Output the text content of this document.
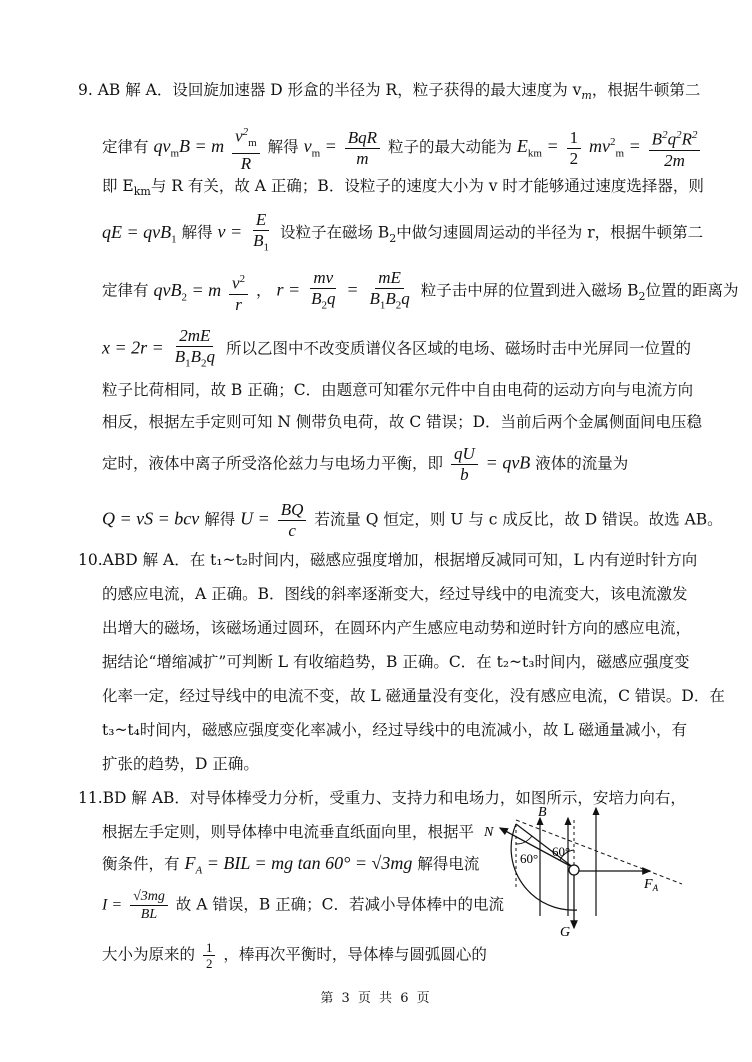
9. AB 解 A．设回旋加速器 D 形盒的半径为 R，粒子获得的最大速度为 $v_m$，根据牛顿第二
定律有 $qv_mB = m \frac{v^2_m}{R}$ 解得 $v_m = \frac{\text{BqR}}{m}$ 粒子的最大动能为 $E_{km} = \frac{1}{2} mv^2_m = \frac{B^2q^2R^2}{2m}$
即 $E_{km}$与 R 有关，故 A 正确；B．设粒子的速度大小为 v 时才能够通过速度选择器，则
qE = qvB$_1$ 解得 $v = \frac{E}{B_1}$ 设粒子在磁场 $B_2$中做匀速圆周运动的半径为 r，根据牛顿第二
定律有 qvB$_2$ = m $\frac{v^2}{r}$ ， $r = \frac{mv}{B_2q} = \frac{mE}{B_1B_2q}$ 粒子击中屏的位置到进入磁场 $B_2$位置的距离为
$x = 2r = \frac{2mE}{B_1B_2q}$ 所以乙图中不改变质谱仪各区域的电场、磁场时击中光屏同一位置的
粒子比荷相同，故 B 正确；C．由题意可知霍尔元件中自由电荷的运动方向与电流方向
相反，根据左手定则可知 N 侧带负电荷，故 C 错误；D．当前后两个金属侧面间电压稳
定时，液体中离子所受洛伦兹力与电场力平衡，即 $\frac{qU}{b}$ = qvB 液体的流量为
Q = vS = bcv 解得 $U = \frac{BQ}{c}$ 若流量 Q 恒定，则 U 与 c 成反比，故 D 错误。故选 AB。
10.ABD 解 A．在 t₁~t₂时间内，磁感应强度增加，根据增反减同可知，L 内有逆时针方向
的感应电流，A 正确。B．图线的斜率逐渐变大，经过导线中的电流变大，该电流激发
出增大的磁场，该磁场通过圆环，在圆环内产生感应电动势和逆时针方向的感应电流，
据结论“增缩减扩”可判断 L 有收缩趋势，B 正确。C．在 t₂~t₃时间内，磁感应强度变
化率一定，经过导线中的电流不变，故 L 磁通量没有变化，没有感应电流，C 错误。D．在
t₃~t₄时间内，磁感应强度变化率减小，经过导线中的电流减小，故 L 磁通量减小，有
扩张的趋势，D 正确。
11.BD 解 AB．对导体棒受力分析，受重力、支持力和电场力，如图所示，安培力向右，
根据左手定则，则导体棒中电流垂直纸面向里，根据平
衡条件，有 $F_A$ = BIL = mg tan 60° = √3mg 解得电流
$I = \frac{√3mg}{BL}$ 故 A 错误，B 正确；C．若减小导体棒中的电流
大小为原来的 $\frac{1}{2}$ ，棒再次平衡时，导体棒与圆弧圆心的
B
N
60° 60°
G
$F_A$
第 3 页 共 6 页
